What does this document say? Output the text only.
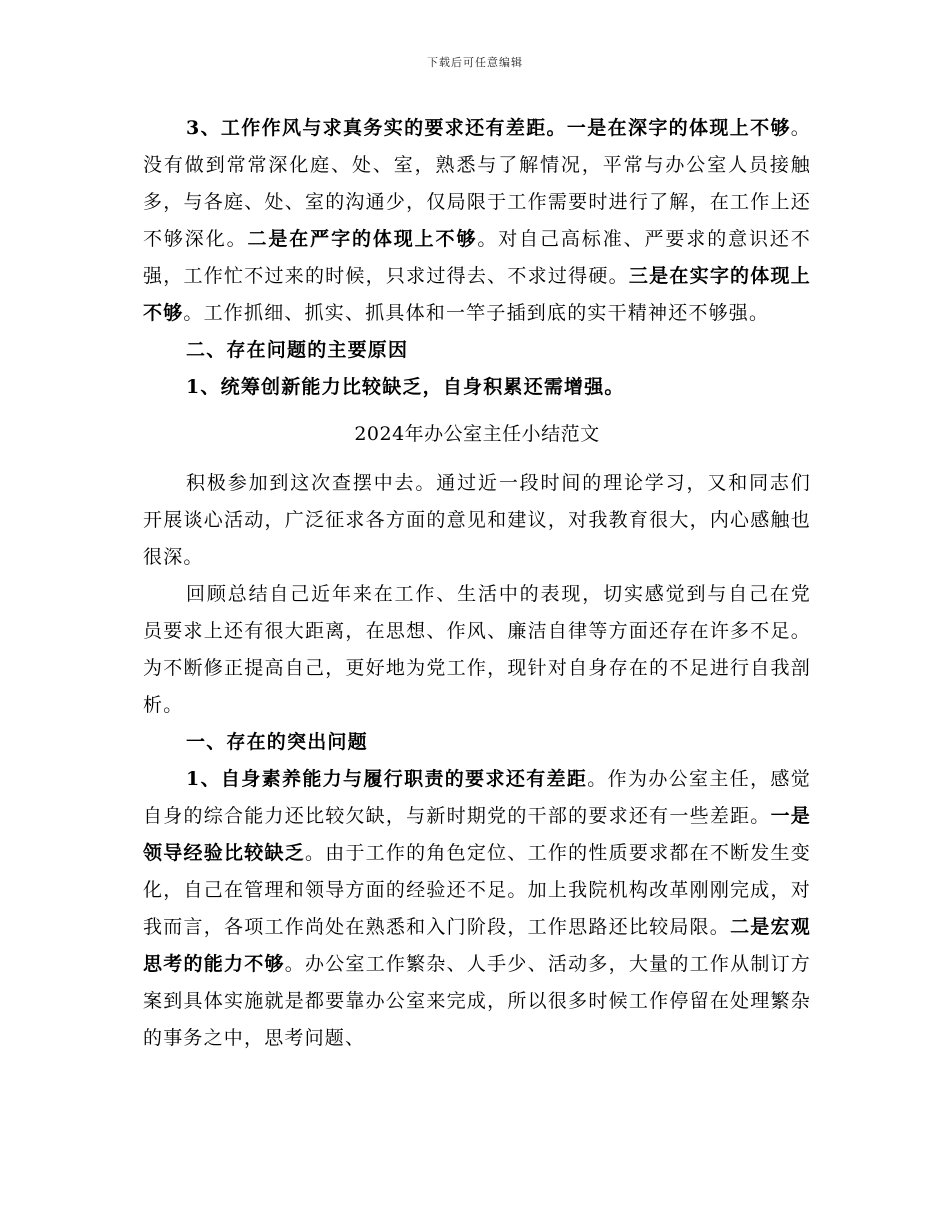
下载后可任意编辑

3、工作作风与求真务实的要求还有差距。一是在深字的体现上不够。没有做到常常深化庭、处、室，熟悉与了解情况，平常与办公室人员接触多，与各庭、处、室的沟通少，仅局限于工作需要时进行了解，在工作上还不够深化。二是在严字的体现上不够。对自己高标准、严要求的意识还不强，工作忙不过来的时候，只求过得去、不求过得硬。三是在实字的体现上不够。工作抓细、抓实、抓具体和一竿子插到底的实干精神还不够强。

二、存在问题的主要原因

1、统筹创新能力比较缺乏，自身积累还需增强。

2024年办公室主任小结范文

积极参加到这次查摆中去。通过近一段时间的理论学习，又和同志们开展谈心活动，广泛征求各方面的意见和建议，对我教育很大，内心感触也很深。

回顾总结自己近年来在工作、生活中的表现，切实感觉到与自己在党员要求上还有很大距离，在思想、作风、廉洁自律等方面还存在许多不足。为不断修正提高自己，更好地为党工作，现针对自身存在的不足进行自我剖析。

一、存在的突出问题

1、自身素养能力与履行职责的要求还有差距。作为办公室主任，感觉自身的综合能力还比较欠缺，与新时期党的干部的要求还有一些差距。一是领导经验比较缺乏。由于工作的角色定位、工作的性质要求都在不断发生变化，自己在管理和领导方面的经验还不足。加上我院机构改革刚刚完成，对我而言，各项工作尚处在熟悉和入门阶段，工作思路还比较局限。二是宏观思考的能力不够。办公室工作繁杂、人手少、活动多，大量的工作从制订方案到具体实施就是都要靠办公室来完成，所以很多时候工作停留在处理繁杂的事务之中，思考问题、
